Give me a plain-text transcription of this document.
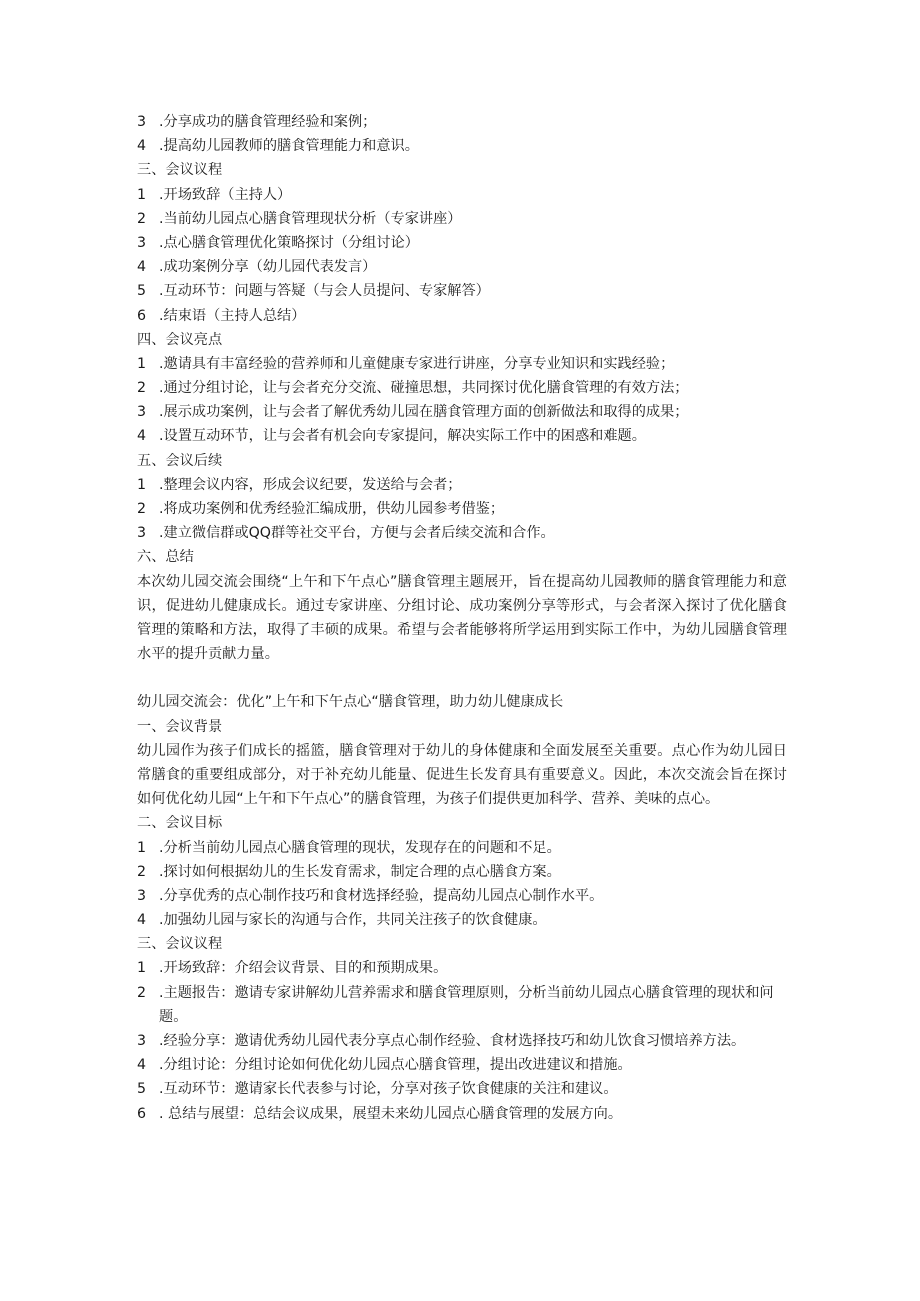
3 .分享成功的膳食管理经验和案例；
4 .提高幼儿园教师的膳食管理能力和意识。
三、会议议程
1 .开场致辞（主持人）
2 .当前幼儿园点心膳食管理现状分析（专家讲座）
3 .点心膳食管理优化策略探讨（分组讨论）
4 .成功案例分享（幼儿园代表发言）
5 .互动环节：问题与答疑（与会人员提问、专家解答）
6 .结束语（主持人总结）
四、会议亮点
1 .邀请具有丰富经验的营养师和儿童健康专家进行讲座，分享专业知识和实践经验；
2 .通过分组讨论，让与会者充分交流、碰撞思想，共同探讨优化膳食管理的有效方法；
3 .展示成功案例，让与会者了解优秀幼儿园在膳食管理方面的创新做法和取得的成果；
4 .设置互动环节，让与会者有机会向专家提问，解决实际工作中的困惑和难题。
五、会议后续
1 .整理会议内容，形成会议纪要，发送给与会者；
2 .将成功案例和优秀经验汇编成册，供幼儿园参考借鉴；
3 .建立微信群或QQ群等社交平台，方便与会者后续交流和合作。
六、总结
本次幼儿园交流会围绕“上午和下午点心”膳食管理主题展开，旨在提高幼儿园教师的膳食管理能力和意识，促进幼儿健康成长。通过专家讲座、分组讨论、成功案例分享等形式，与会者深入探讨了优化膳食管理的策略和方法，取得了丰硕的成果。希望与会者能够将所学运用到实际工作中，为幼儿园膳食管理水平的提升贡献力量。
幼儿园交流会：优化”上午和下午点心“膳食管理，助力幼儿健康成长
一、会议背景
幼儿园作为孩子们成长的摇篮，膳食管理对于幼儿的身体健康和全面发展至关重要。点心作为幼儿园日常膳食的重要组成部分，对于补充幼儿能量、促进生长发育具有重要意义。因此，本次交流会旨在探讨如何优化幼儿园“上午和下午点心”的膳食管理，为孩子们提供更加科学、营养、美味的点心。
二、会议目标
1 .分析当前幼儿园点心膳食管理的现状，发现存在的问题和不足。
2 .探讨如何根据幼儿的生长发育需求，制定合理的点心膳食方案。
3 .分享优秀的点心制作技巧和食材选择经验，提高幼儿园点心制作水平。
4 .加强幼儿园与家长的沟通与合作，共同关注孩子的饮食健康。
三、会议议程
1 .开场致辞：介绍会议背景、目的和预期成果。
2 .主题报告：邀请专家讲解幼儿营养需求和膳食管理原则，分析当前幼儿园点心膳食管理的现状和问题。
3 .经验分享：邀请优秀幼儿园代表分享点心制作经验、食材选择技巧和幼儿饮食习惯培养方法。
4 .分组讨论：分组讨论如何优化幼儿园点心膳食管理，提出改进建议和措施。
5 .互动环节：邀请家长代表参与讨论，分享对孩子饮食健康的关注和建议。
6 . 总结与展望：总结会议成果，展望未来幼儿园点心膳食管理的发展方向。
